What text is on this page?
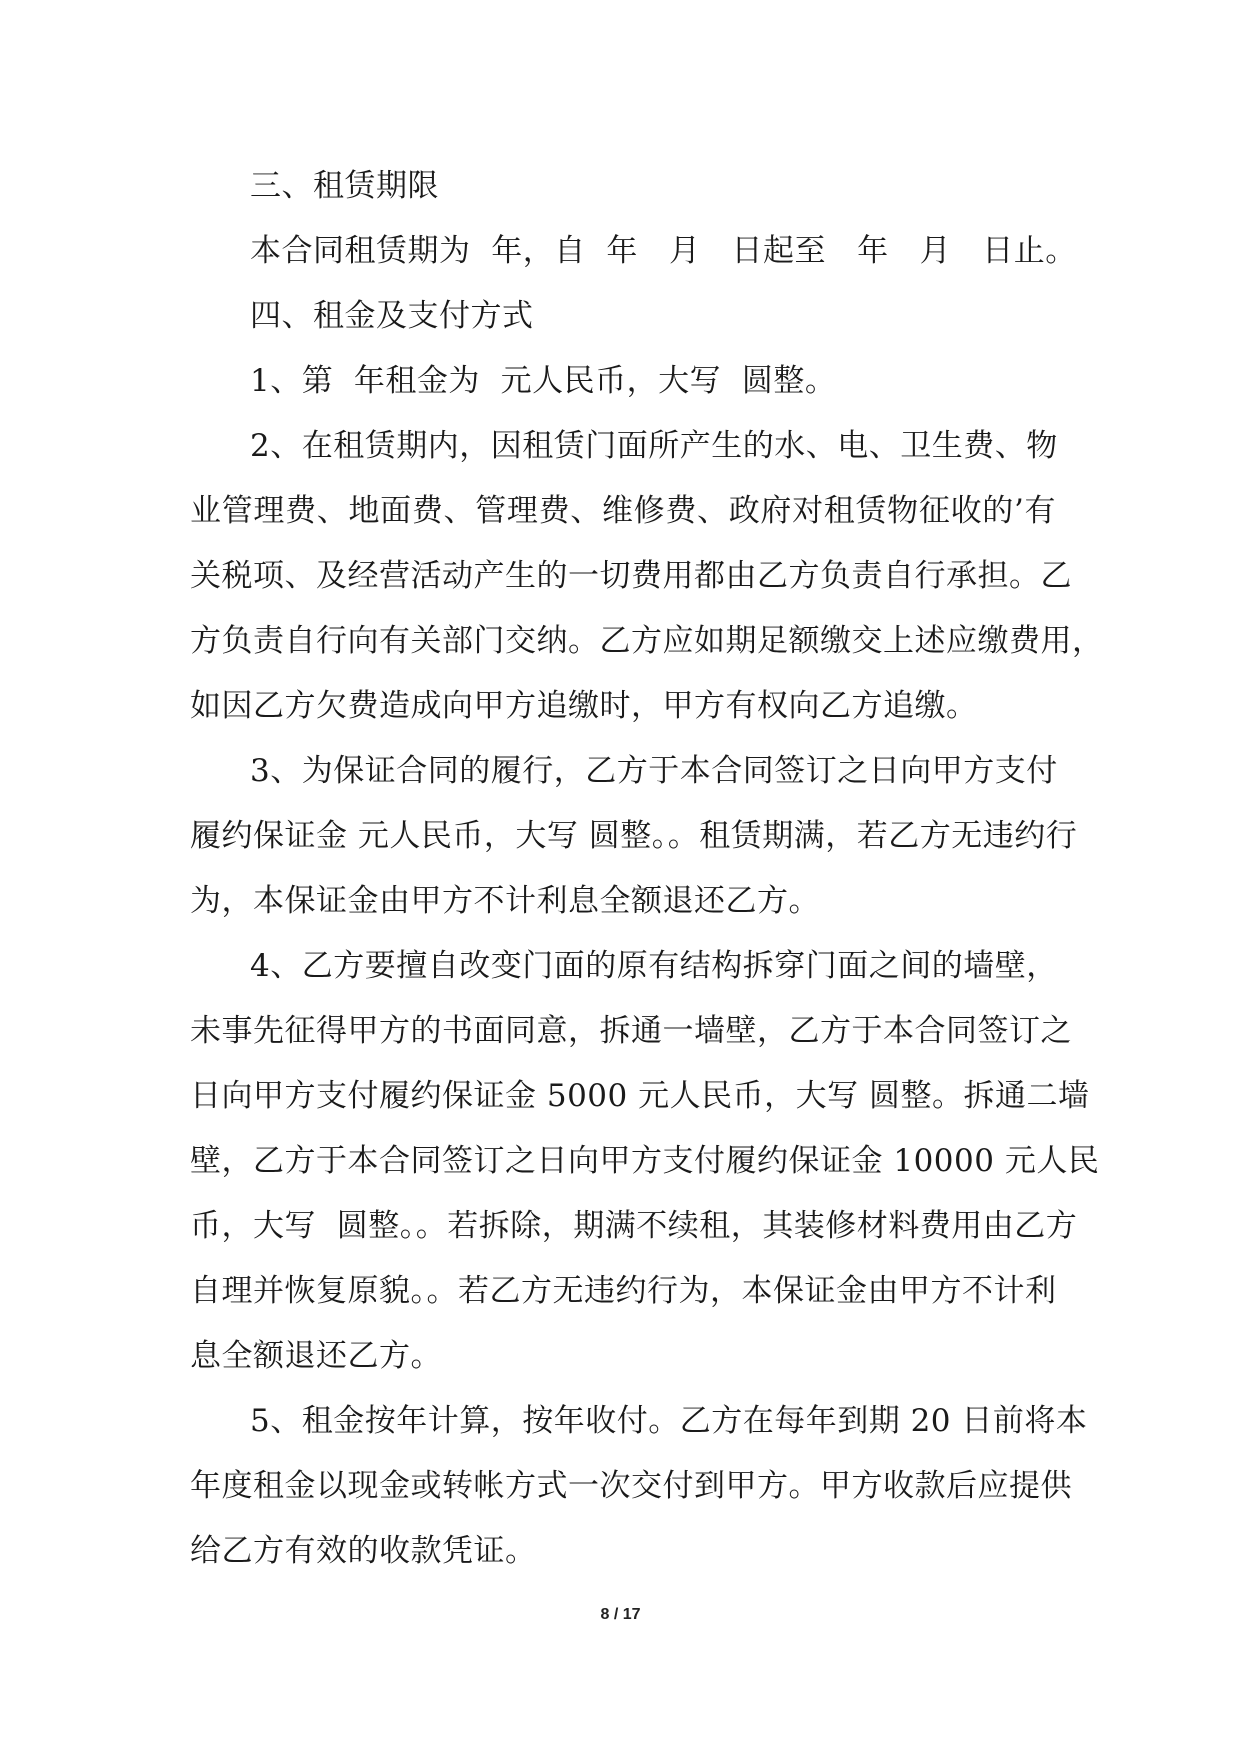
三、租赁期限
本合同租赁期为  年，自  年   月   日起至   年   月   日止。
四、租金及支付方式
1、第  年租金为  元人民币，大写  圆整。
2、在租赁期内，因租赁门面所产生的水、电、卫生费、物
业管理费、地面费、管理费、维修费、政府对租赁物征收的’有
关税项、及经营活动产生的一切费用都由乙方负责自行承担。乙
方负责自行向有关部门交纳。乙方应如期足额缴交上述应缴费用，
如因乙方欠费造成向甲方追缴时，甲方有权向乙方追缴。
3、为保证合同的履行，乙方于本合同签订之日向甲方支付
履约保证金 元人民币，大写 圆整。。租赁期满，若乙方无违约行
为，本保证金由甲方不计利息全额退还乙方。
4、乙方要擅自改变门面的原有结构拆穿门面之间的墙壁，
未事先征得甲方的书面同意，拆通一墙壁，乙方于本合同签订之
日向甲方支付履约保证金 5000 元人民币，大写 圆整。拆通二墙
壁，乙方于本合同签订之日向甲方支付履约保证金 10000 元人民
币，大写  圆整。。若拆除，期满不续租，其装修材料费用由乙方
自理并恢复原貌。。若乙方无违约行为，本保证金由甲方不计利
息全额退还乙方。
5、租金按年计算，按年收付。乙方在每年到期 20 日前将本
年度租金以现金或转帐方式一次交付到甲方。甲方收款后应提供
给乙方有效的收款凭证。
8 / 17
